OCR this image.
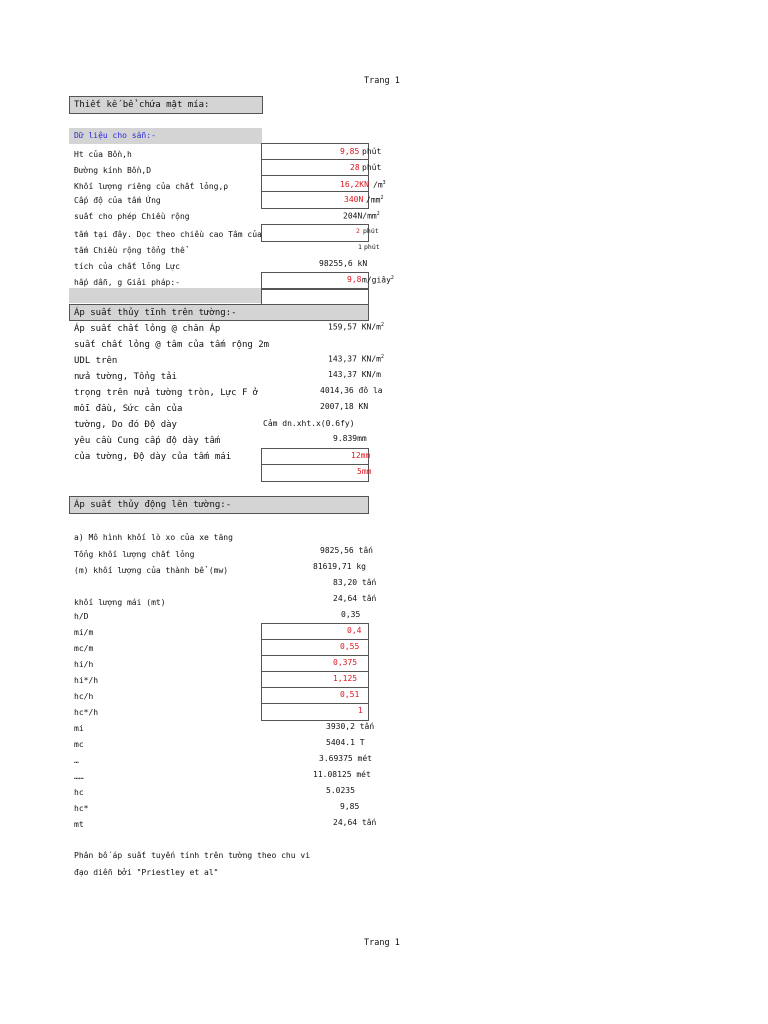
Trang 1
Trang 1
Thiết kế bể chứa mật mía:
Dữ liệu cho sẵn:-
Ht của Bồn,h	9,85 phút
Đường kính Bồn,D	28 phút
Khối lượng riêng của chất lỏng,ρ	16,2KN $/m^3$
Cấp độ của tấm Ứng	340N $/mm^2$
suất cho phép Chiều rộng	$204N/mm^2$
tấm tại đây. Dọc theo chiều cao Tâm của	2 phút
tấm Chiều rộng tổng thể	1 phút
tích của chất lỏng Lực	98255,6 kN
hấp dẫn, g Giải pháp:-	9,8 m/giây$^2$
Áp suất thủy tĩnh trên tường:-
Áp suất chất lỏng @ chân Áp	159,57 $KN/m^2$
suất chất lỏng @ tâm của tấm rộng 2m
UDL trên	143,37 $KN/m^2$
nửa tường, Tổng tải	143,37 KN/m
trọng trên nửa tường tròn, Lực F ở	4014,36 đô la
mỗi đầu, Sức cản của	2007,18 KN
tường, Do đó Độ dày	Cảm dn.xht.x(0.6fy)
yêu cầu Cung cấp độ dày tấm	9.839mm
của tường, Độ dày của tấm mái	12mm
5mm
Áp suất thủy động lên tường:-
a) Mô hình khối lò xo của xe tăng
Tổng khối lượng chất lỏng	9825,56 tấn
(m) khối lượng của thành bể (mw)	81619,71 kg
83,20 tấn
khối lượng mái (mt)	24,64 tấn
h/D	0,35
mi/m	0,4
mc/m	0,55
hi/h	0,375
hi*/h	1,125
hc/h	0,51
hc*/h	1
mi	3930,2 tấn
mc	5404.1 T
…	3.69375 mét
……	11.08125 mét
hc	5.0235
hc*	9,85
mt	24,64 tấn
Phân bố áp suất tuyến tính trên tường theo chu vi
đạo diễn bởi "Priestley et al"
